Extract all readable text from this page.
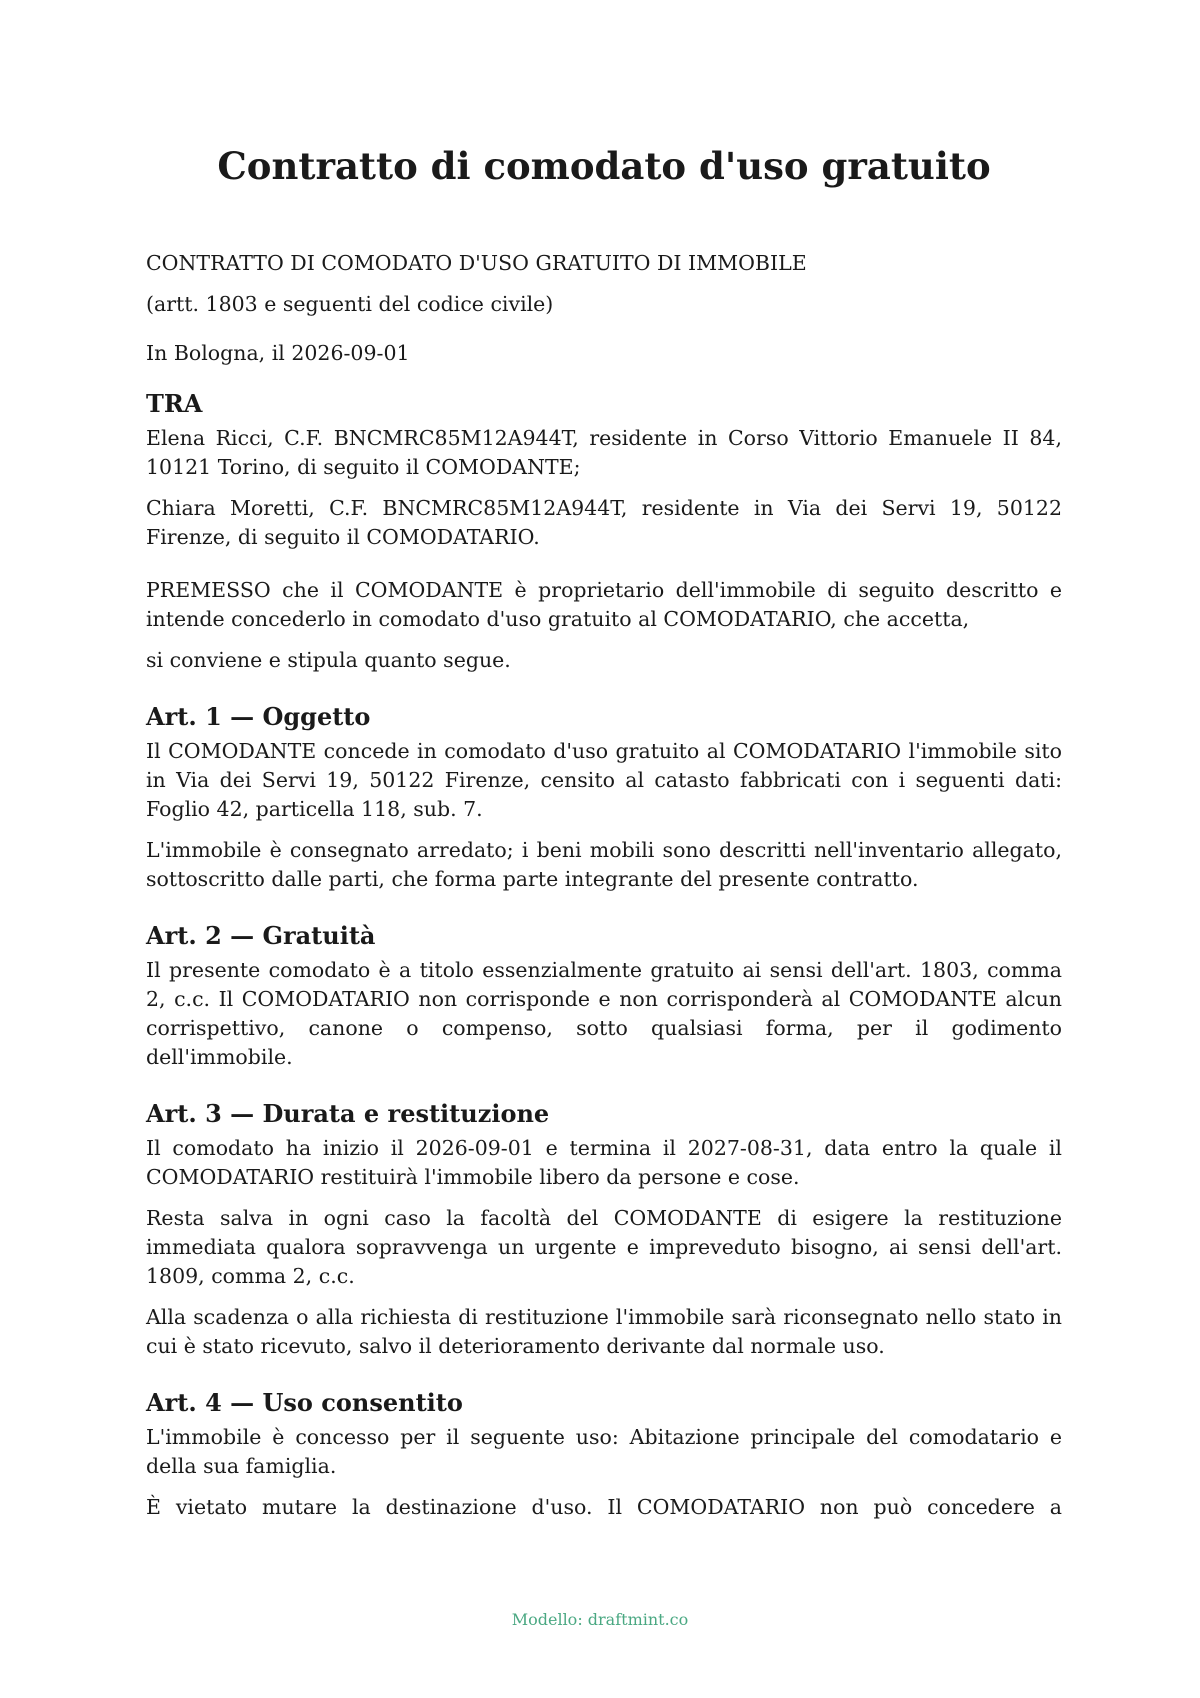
Contratto di comodato d'uso gratuito

CONTRATTO DI COMODATO D'USO GRATUITO DI IMMOBILE

(artt. 1803 e seguenti del codice civile)

In Bologna, il 2026-09-01

TRA

Elena Ricci, C.F. BNCMRC85M12A944T, residente in Corso Vittorio Emanuele II 84, 10121 Torino, di seguito il COMODANTE;

Chiara Moretti, C.F. BNCMRC85M12A944T, residente in Via dei Servi 19, 50122 Firenze, di seguito il COMODATARIO.

PREMESSO che il COMODANTE è proprietario dell'immobile di seguito descritto e intende concederlo in comodato d'uso gratuito al COMODATARIO, che accetta,

si conviene e stipula quanto segue.

Art. 1 — Oggetto

Il COMODANTE concede in comodato d'uso gratuito al COMODATARIO l'immobile sito in Via dei Servi 19, 50122 Firenze, censito al catasto fabbricati con i seguenti dati: Foglio 42, particella 118, sub. 7.

L'immobile è consegnato arredato; i beni mobili sono descritti nell'inventario allegato, sottoscritto dalle parti, che forma parte integrante del presente contratto.

Art. 2 — Gratuità

Il presente comodato è a titolo essenzialmente gratuito ai sensi dell'art. 1803, comma 2, c.c. Il COMODATARIO non corrisponde e non corrisponderà al COMODANTE alcun corrispettivo, canone o compenso, sotto qualsiasi forma, per il godimento dell'immobile.

Art. 3 — Durata e restituzione

Il comodato ha inizio il 2026-09-01 e termina il 2027-08-31, data entro la quale il COMODATARIO restituirà l'immobile libero da persone e cose.

Resta salva in ogni caso la facoltà del COMODANTE di esigere la restituzione immediata qualora sopravvenga un urgente e impreveduto bisogno, ai sensi dell'art. 1809, comma 2, c.c.

Alla scadenza o alla richiesta di restituzione l'immobile sarà riconsegnato nello stato in cui è stato ricevuto, salvo il deterioramento derivante dal normale uso.

Art. 4 — Uso consentito

L'immobile è concesso per il seguente uso: Abitazione principale del comodatario e della sua famiglia.

È vietato mutare la destinazione d'uso. Il COMODATARIO non può concedere a

Modello: draftmint.co
